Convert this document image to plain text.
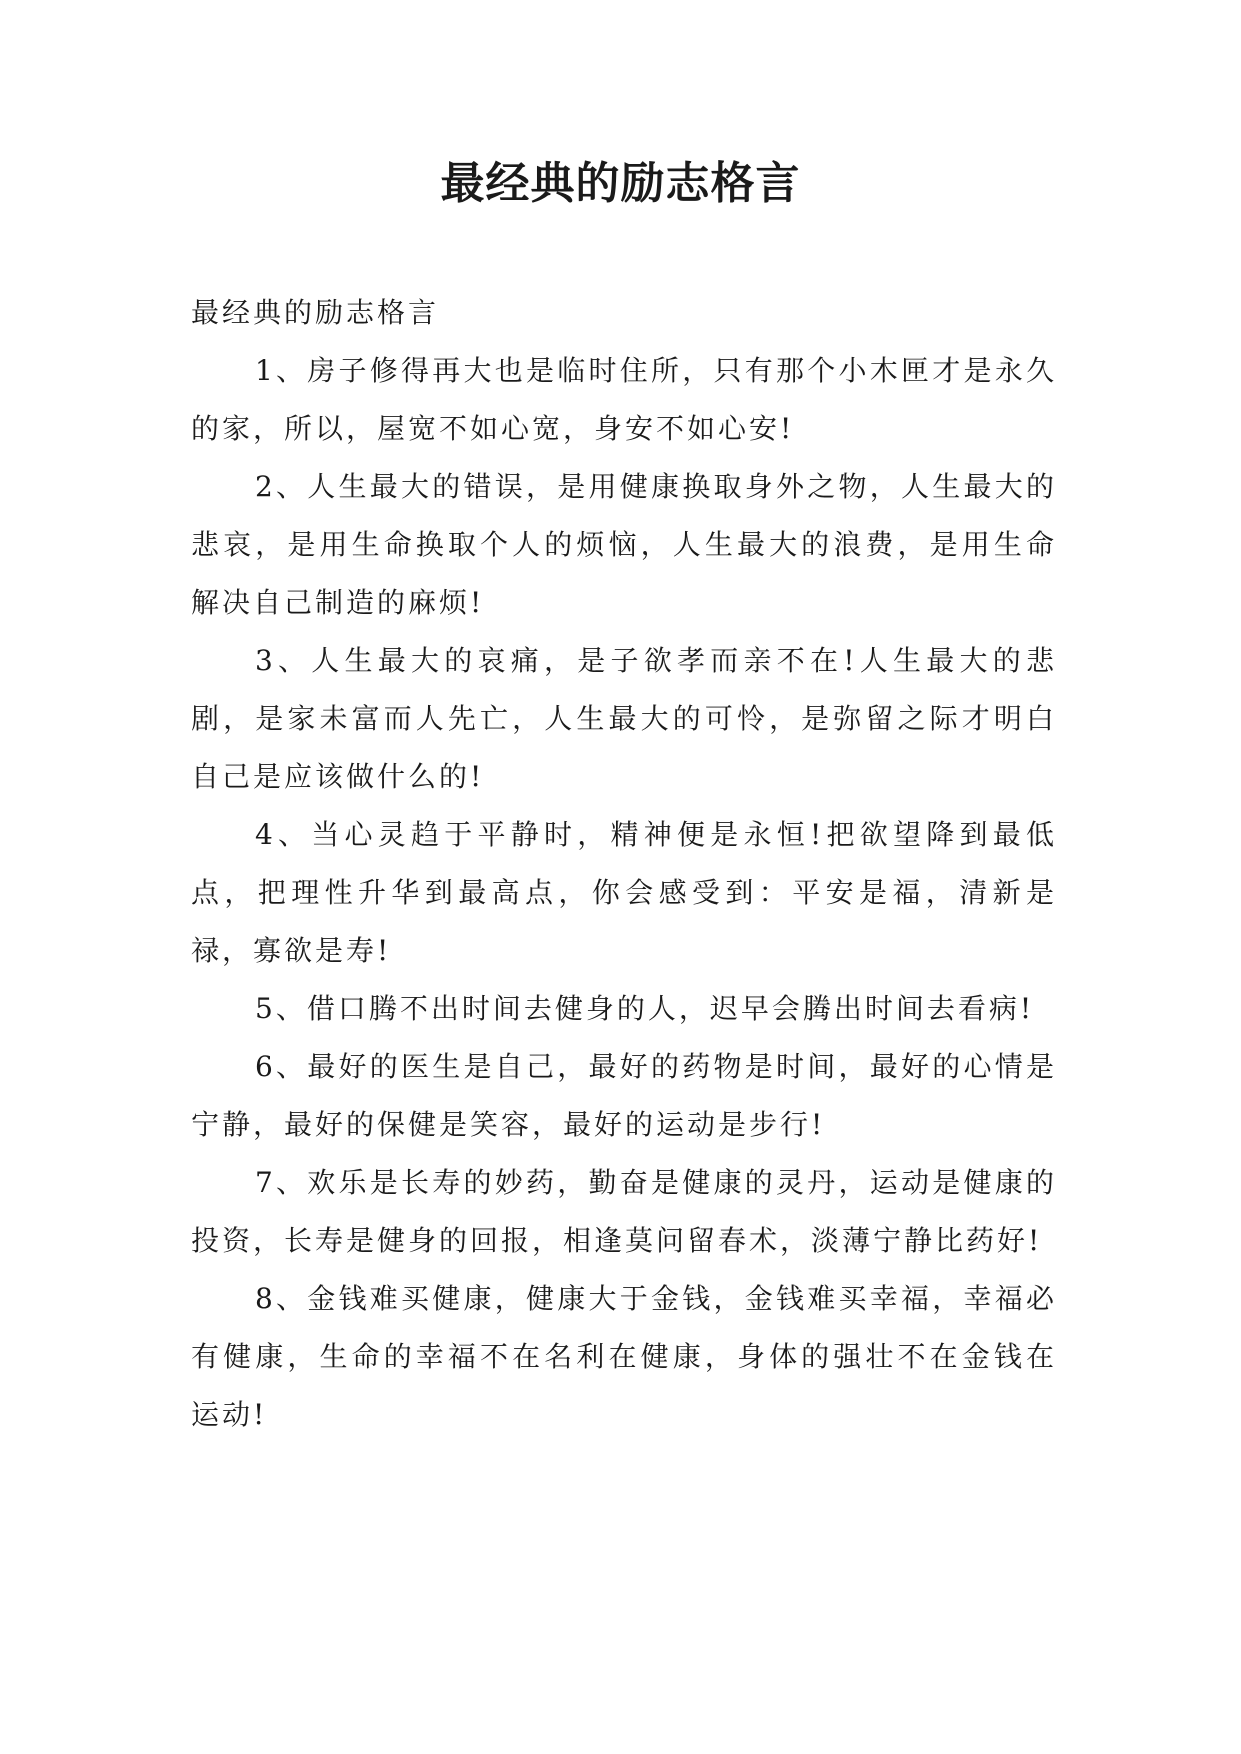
最经典的励志格言

最经典的励志格言

1、房子修得再大也是临时住所，只有那个小木匣才是永久的家，所以，屋宽不如心宽，身安不如心安!

2、人生最大的错误，是用健康换取身外之物，人生最大的悲哀，是用生命换取个人的烦恼，人生最大的浪费，是用生命解决自己制造的麻烦!

3、人生最大的哀痛，是子欲孝而亲不在!人生最大的悲剧，是家未富而人先亡，人生最大的可怜，是弥留之际才明白自己是应该做什么的!

4、当心灵趋于平静时，精神便是永恒!把欲望降到最低点，把理性升华到最高点，你会感受到：平安是福，清新是禄，寡欲是寿!

5、借口腾不出时间去健身的人，迟早会腾出时间去看病!

6、最好的医生是自己，最好的药物是时间，最好的心情是宁静，最好的保健是笑容，最好的运动是步行!

7、欢乐是长寿的妙药，勤奋是健康的灵丹，运动是健康的投资，长寿是健身的回报，相逢莫问留春术，淡薄宁静比药好!

8、金钱难买健康，健康大于金钱，金钱难买幸福，幸福必有健康，生命的幸福不在名利在健康，身体的强壮不在金钱在运动!
